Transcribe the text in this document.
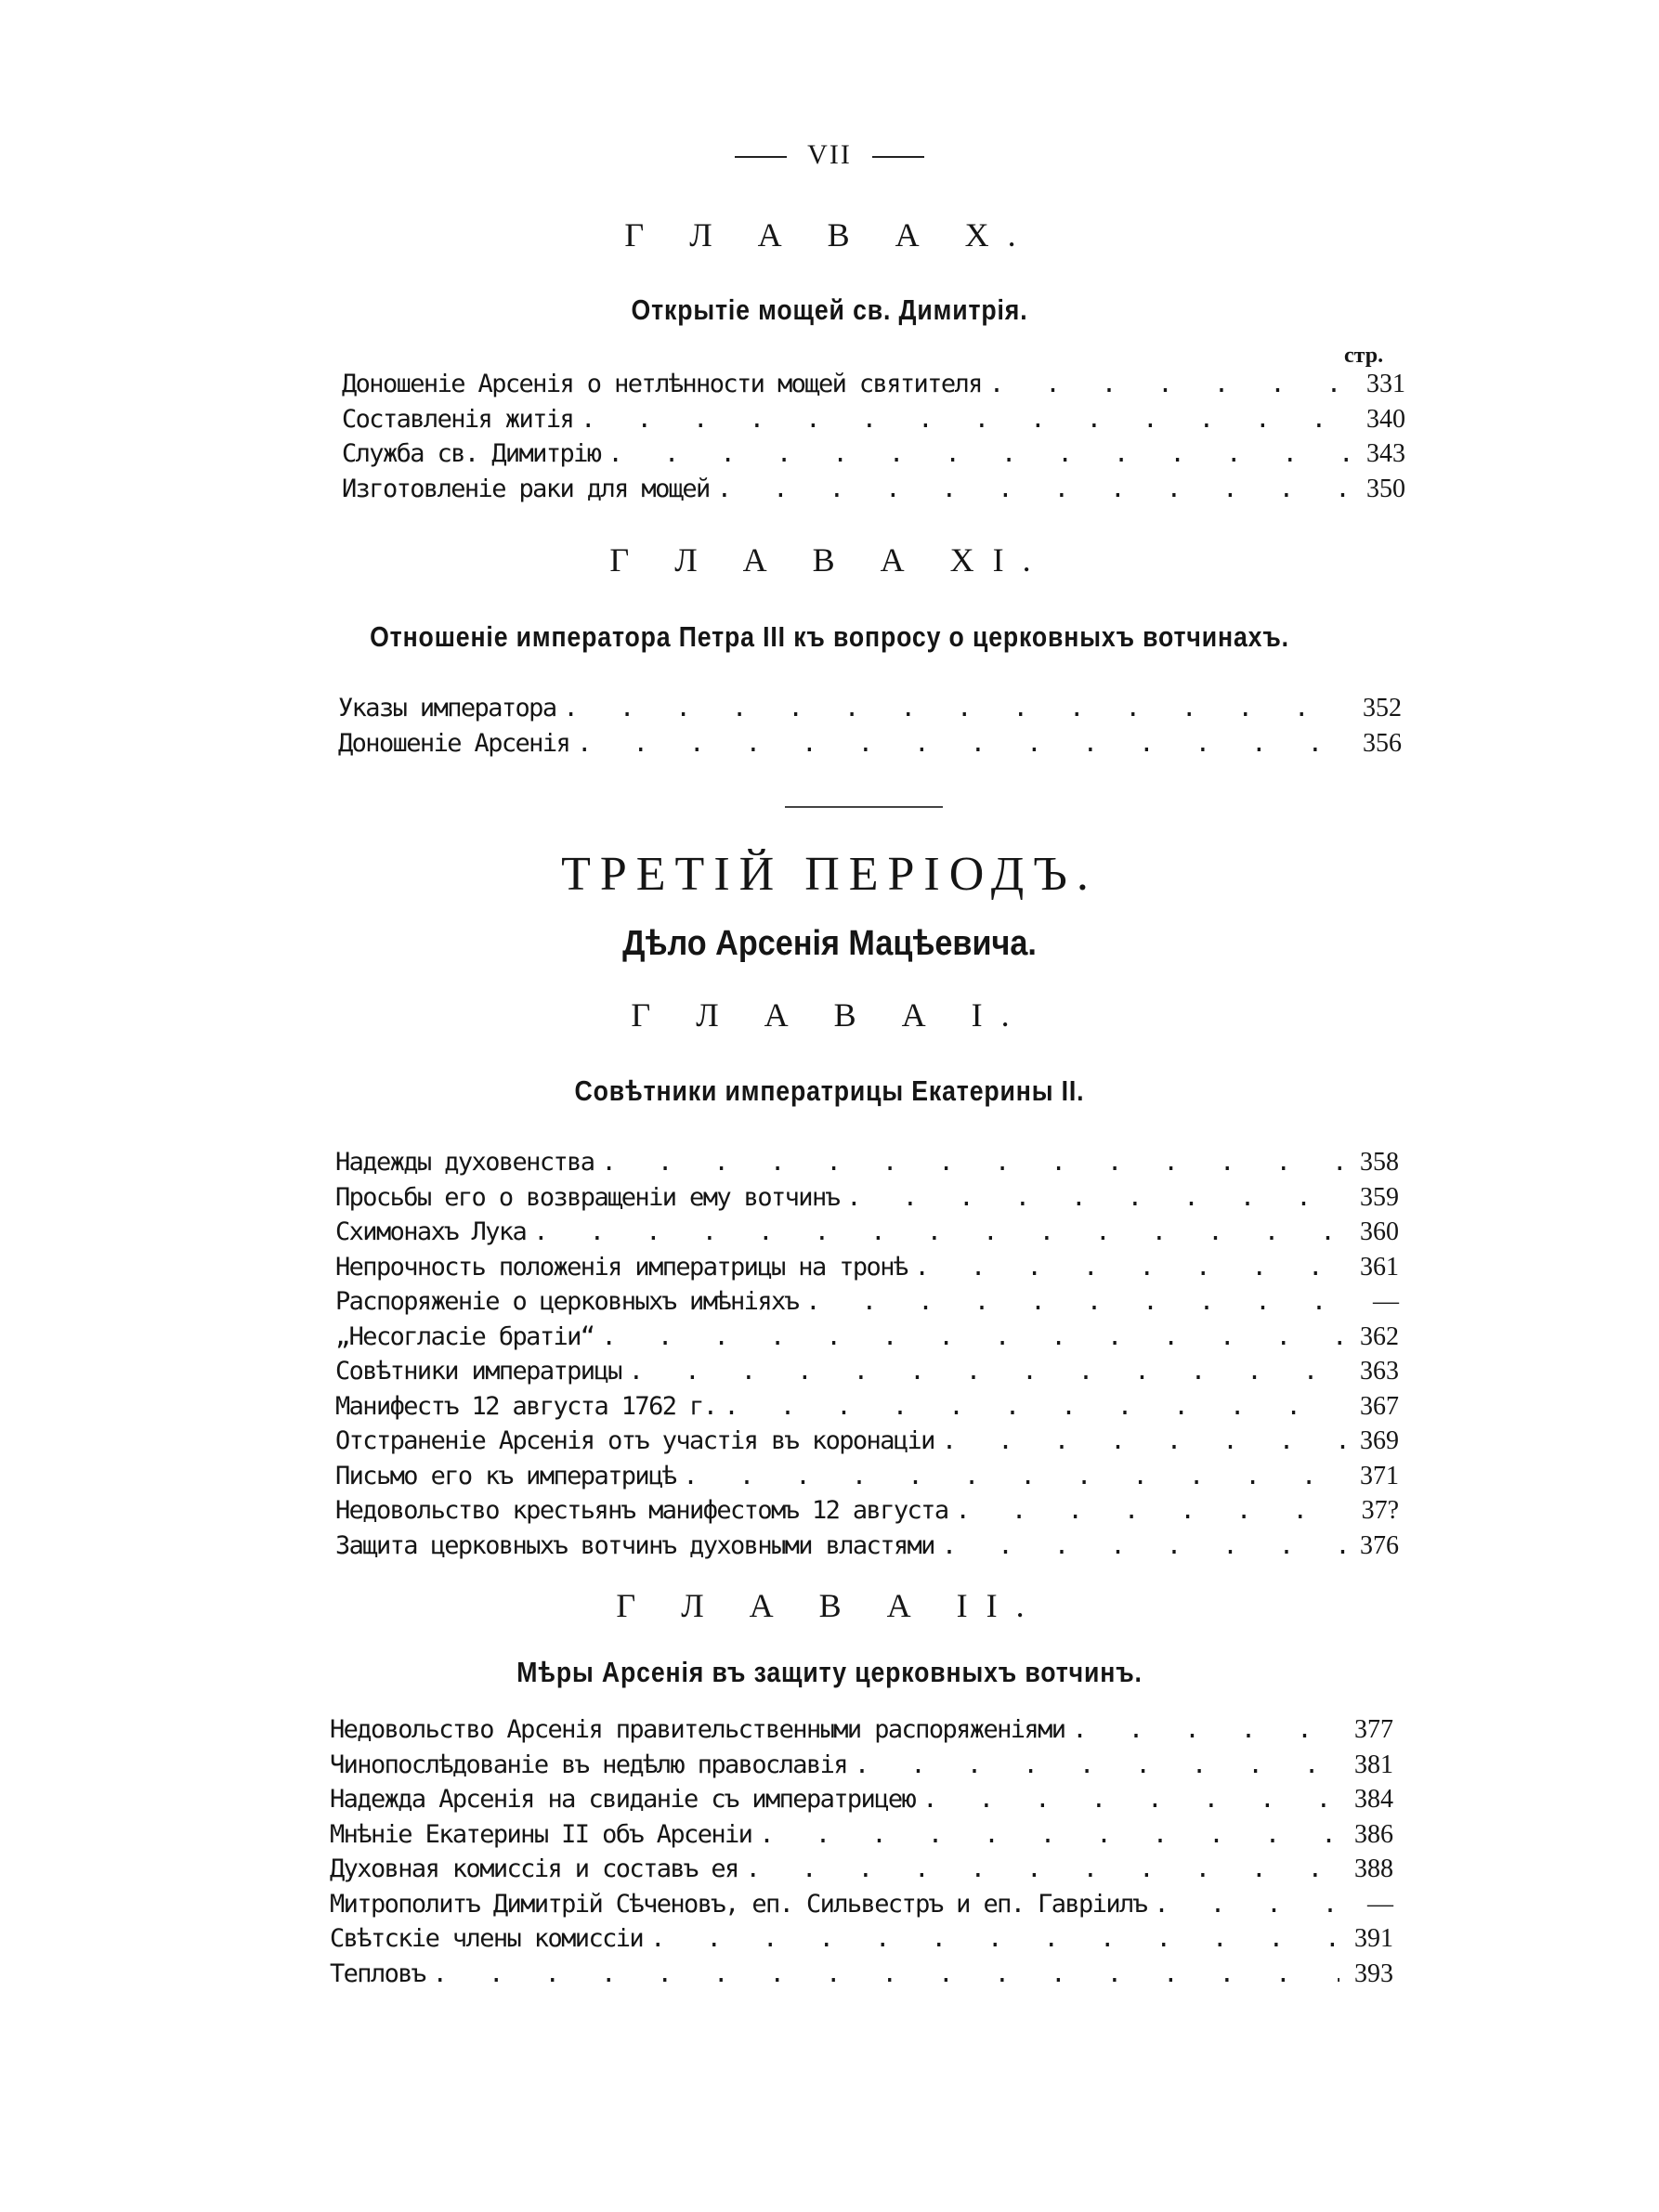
VII
Г Л А В А X.
Открытіе мощей св. Димитрія.
стр.
Доношеніе Арсенія о нетлѣнности мощей святителя . . .	331
Составленія житія . . .	340
Служба св. Димитрію . . .	343
Изготовленіе раки для мощей . . .	350
Г Л А В А XI.
Отношеніе императора Петра III къ вопросу о церковныхъ вотчинахъ.
Указы императора . . .	352
Доношеніе Арсенія . . .	356
ТРЕТІЙ ПЕРІОДЪ.
Дѣло Арсенія Мацѣевича.
Г Л А В А I.
Совѣтники императрицы Екатерины II.
Надежды духовенства . . .	358
Просьбы его о возвращеніи ему вотчинъ . . .	359
Схимонахъ Лука . . .	360
Непрочность положенія императрицы на тронѣ . . .	361
Распоряженіе о церковныхъ имѣніяхъ . . .	—
„Несогласіе братіи“ . . .	362
Совѣтники императрицы . . .	363
Манифестъ 12 августа 1762 г. . . .	367
Отстраненіе Арсенія отъ участія въ коронаціи . . .	369
Письмо его къ императрицѣ . . .	371
Недовольство крестьянъ манифестомъ 12 августа . . .	37?
Защита церковныхъ вотчинъ духовными властями . . .	376
Г Л А В А II.
Мѣры Арсенія въ защиту церковныхъ вотчинъ.
Недовольство Арсенія правительственными распоряженіями . . .	377
Чинопослѣдованіе въ недѣлю православія . . .	381
Надежда Арсенія на свиданіе съ императрицею . . .	384
Мнѣніе Екатерины II объ Арсеніи . . .	386
Духовная комиссія и составъ ея . . .	388
Митрополитъ Димитрій Сѣченовъ, еп. Сильвестръ и еп. Гавріилъ . . .	—
Свѣтскіе члены комиссіи . . .	391
Тепловъ . . .	393
